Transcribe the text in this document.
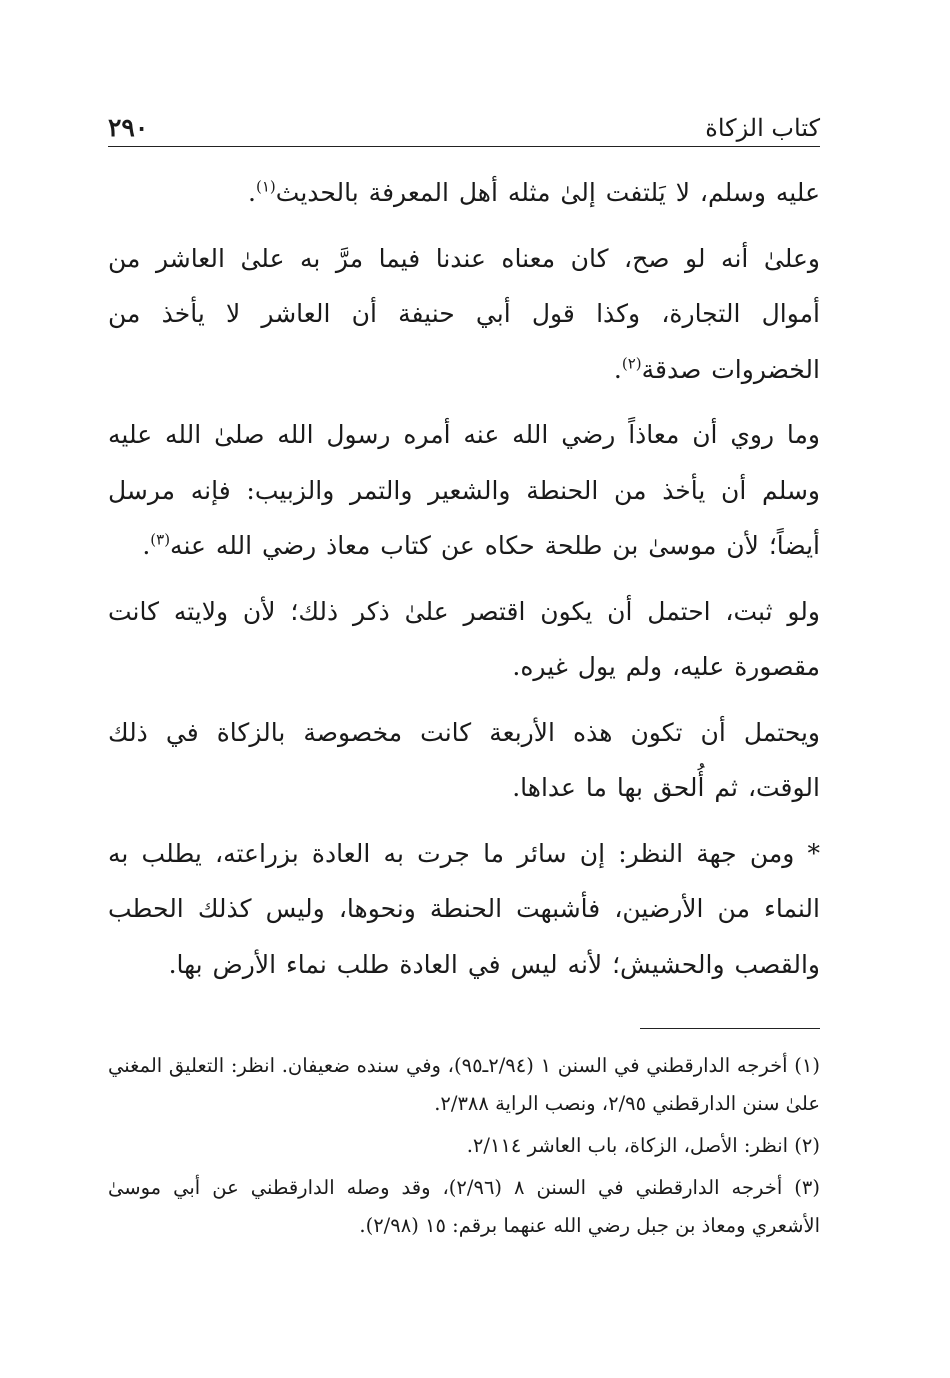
كتاب الزكاة
٢٩٠

عليه وسلم، لا يَلتفت إلىٰ مثله أهل المعرفة بالحديث$^{(١)}$.

وعلىٰ أنه لو صح، كان معناه عندنا فيما مرَّ به علىٰ العاشر من أموال التجارة، وكذا قول أبي حنيفة أن العاشر لا يأخذ من الخضروات صدقة$^{(٢)}$.

وما روي أن معاذاً رضي الله عنه أمره رسول الله صلىٰ الله عليه وسلم أن يأخذ من الحنطة والشعير والتمر والزبيب: فإنه مرسل أيضاً؛ لأن موسىٰ بن طلحة حكاه عن كتاب معاذ رضي الله عنه$^{(٣)}$.

ولو ثبت، احتمل أن يكون اقتصر علىٰ ذكر ذلك؛ لأن ولايته كانت مقصورة عليه، ولم يول غيره.

ويحتمل أن تكون هذه الأربعة كانت مخصوصة بالزكاة في ذلك الوقت، ثم أُلحق بها ما عداها.

* ومن جهة النظر: إن سائر ما جرت به العادة بزراعته، يطلب به النماء من الأرضين، فأشبهت الحنطة ونحوها، وليس كذلك الحطب والقصب والحشيش؛ لأنه ليس في العادة طلب نماء الأرض بها.

(١) أخرجه الدارقطني في السنن ١ (٢/٩٤ـ٩٥)، وفي سنده ضعيفان. انظر: التعليق المغني علىٰ سنن الدارقطني ٢/٩٥، ونصب الراية ٢/٣٨٨.

(٢) انظر: الأصل، الزكاة، باب العاشر ٢/١١٤.

(٣) أخرجه الدارقطني في السنن ٨ (٢/٩٦)، وقد وصله الدارقطني عن أبي موسىٰ الأشعري ومعاذ بن جبل رضي الله عنهما برقم: ١٥ (٢/٩٨).
